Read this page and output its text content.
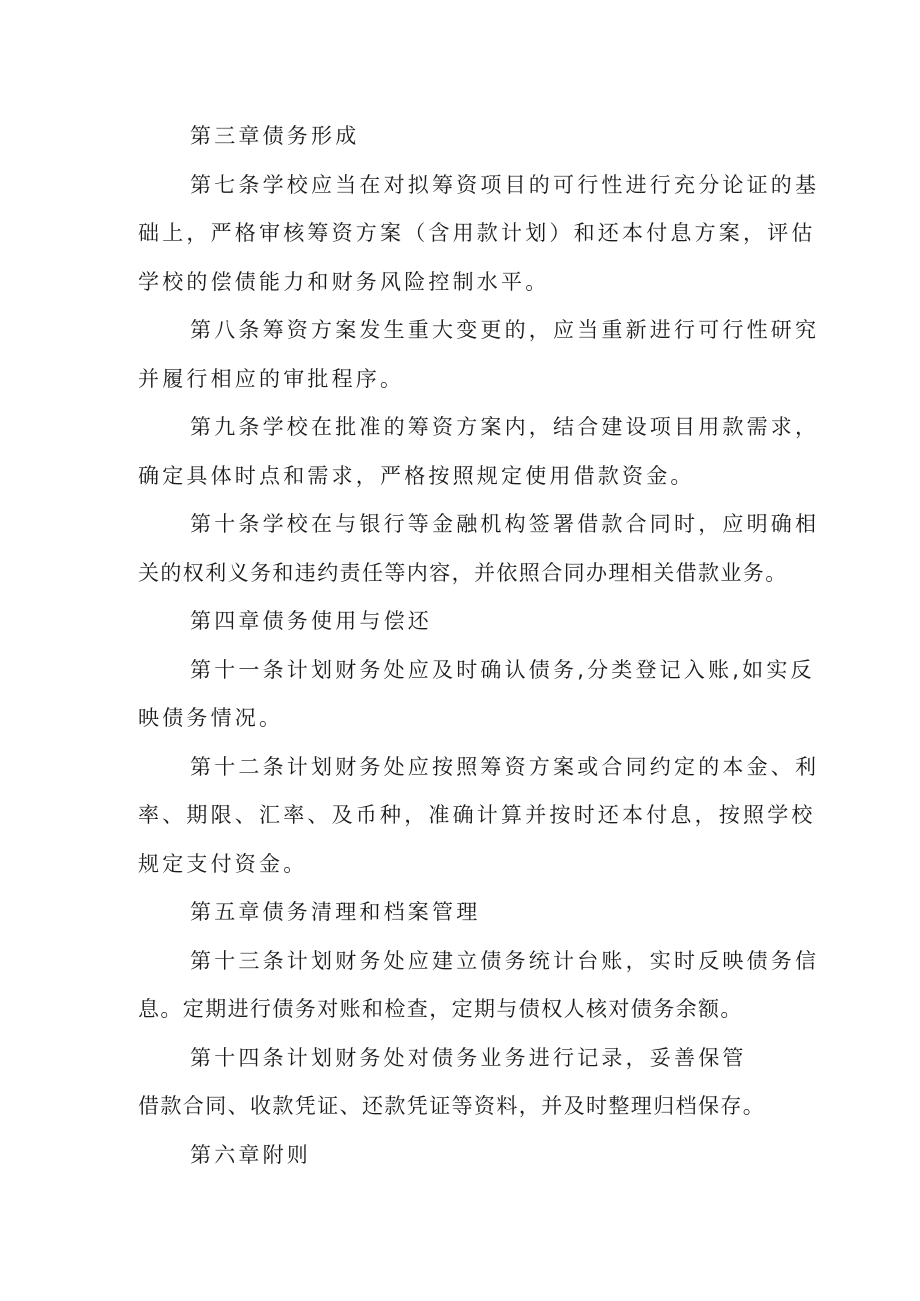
第三章债务形成
第七条学校应当在对拟筹资项目的可行性进行充分论证的基
础上，严格审核筹资方案（含用款计划）和还本付息方案，评估
学校的偿债能力和财务风险控制水平。
第八条筹资方案发生重大变更的，应当重新进行可行性研究
并履行相应的审批程序。
第九条学校在批准的筹资方案内，结合建设项目用款需求，
确定具体时点和需求，严格按照规定使用借款资金。
第十条学校在与银行等金融机构签署借款合同时，应明确相
关的权利义务和违约责任等内容，并依照合同办理相关借款业务。
第四章债务使用与偿还
第十一条计划财务处应及时确认债务,分类登记入账,如实反
映债务情况。
第十二条计划财务处应按照筹资方案或合同约定的本金、利
率、期限、汇率、及币种，准确计算并按时还本付息，按照学校
规定支付资金。
第五章债务清理和档案管理
第十三条计划财务处应建立债务统计台账，实时反映债务信
息。定期进行债务对账和检查，定期与债权人核对债务余额。
第十四条计划财务处对债务业务进行记录，妥善保管
借款合同、收款凭证、还款凭证等资料，并及时整理归档保存。
第六章附则
